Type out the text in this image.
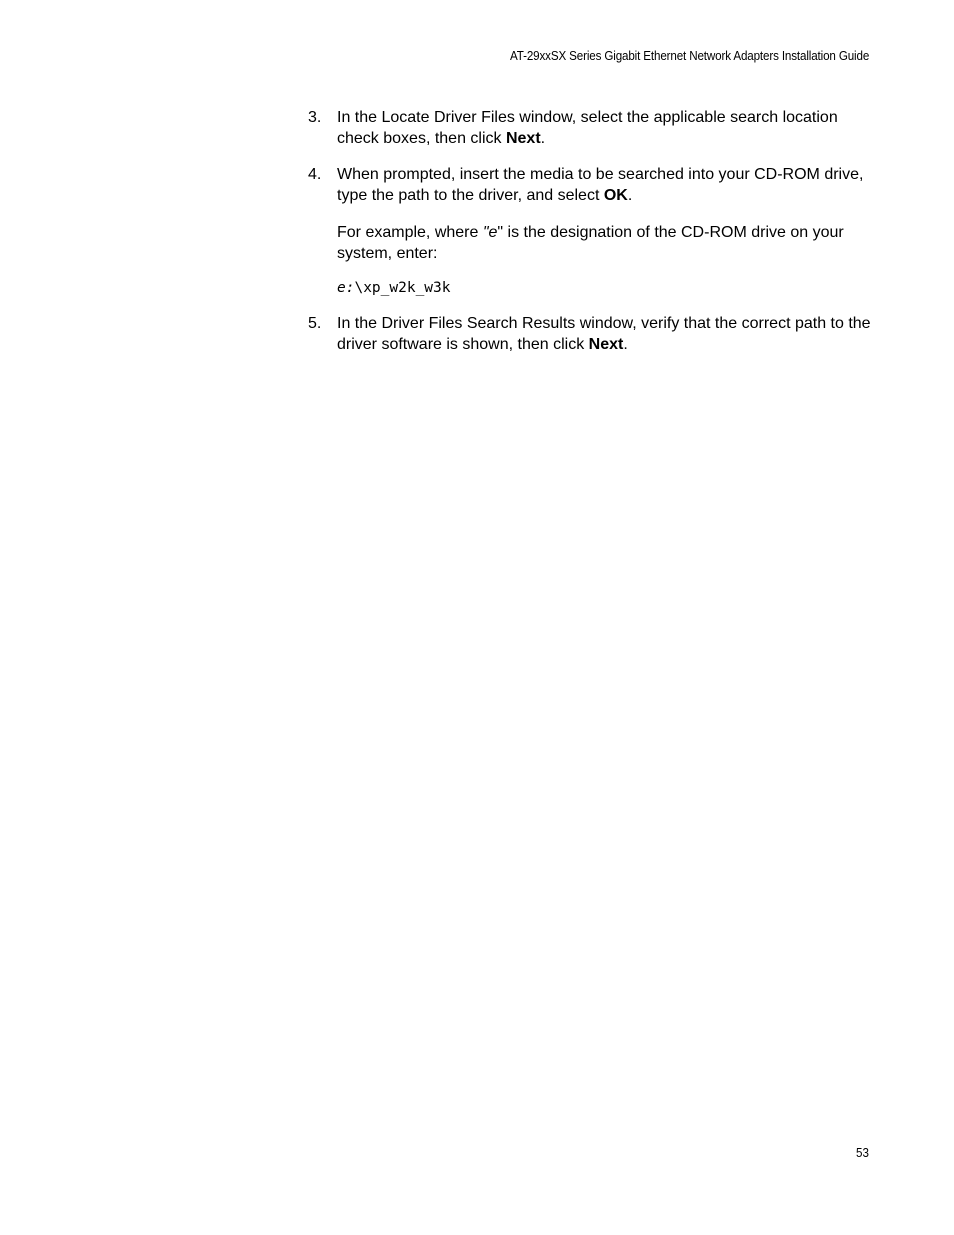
AT-29xxSX Series Gigabit Ethernet Network Adapters Installation Guide
3. In the Locate Driver Files window, select the applicable search location check boxes, then click Next.
4. When prompted, insert the media to be searched into your CD-ROM drive, type the path to the driver, and select OK.
For example, where "e" is the designation of the CD-ROM drive on your system, enter:
e:\xp_w2k_w3k
5. In the Driver Files Search Results window, verify that the correct path to the driver software is shown, then click Next.
53
